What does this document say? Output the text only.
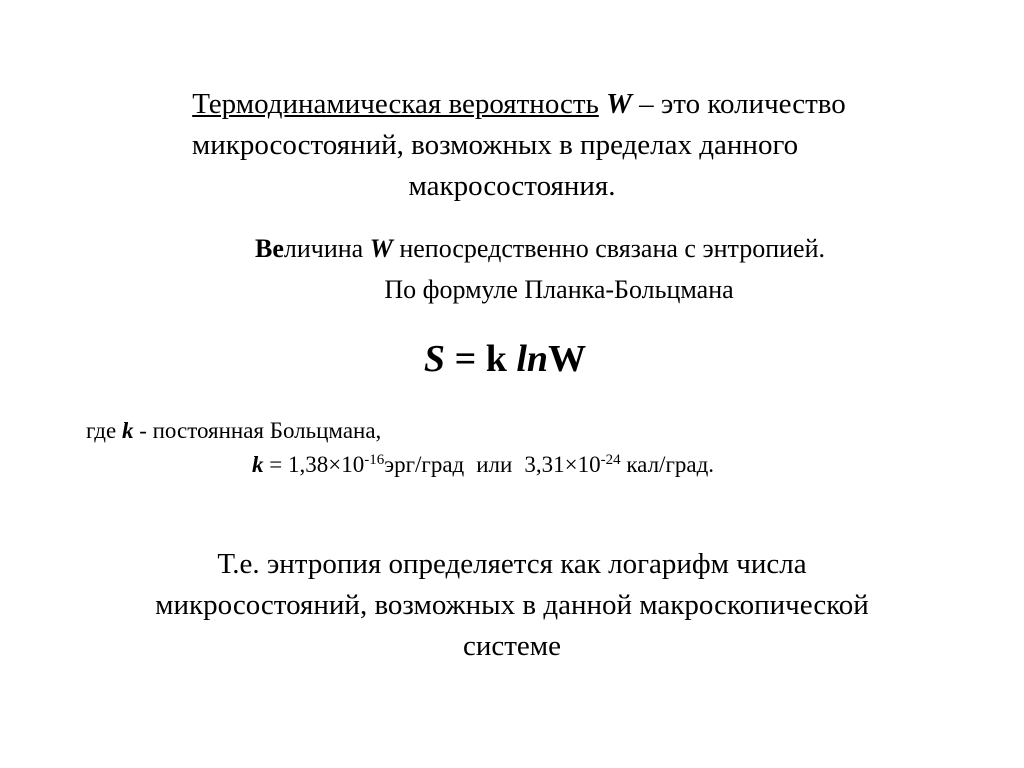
Термодинамическая вероятность W – это количество
микросостояний, возможных в пределах данного
макросостояния.
Величина W непосредственно связана с энтропией.
По формуле Планка-Больцмана
S = k lnW
где k - постоянная Больцмана,
$k = 1,38\times 10^{-16}эрг$/град или $3,31\times 10^{-24}$ кал/град.
Т.е. энтропия определяется как логарифм числа
микросостояний, возможных в данной макроскопической
системе
